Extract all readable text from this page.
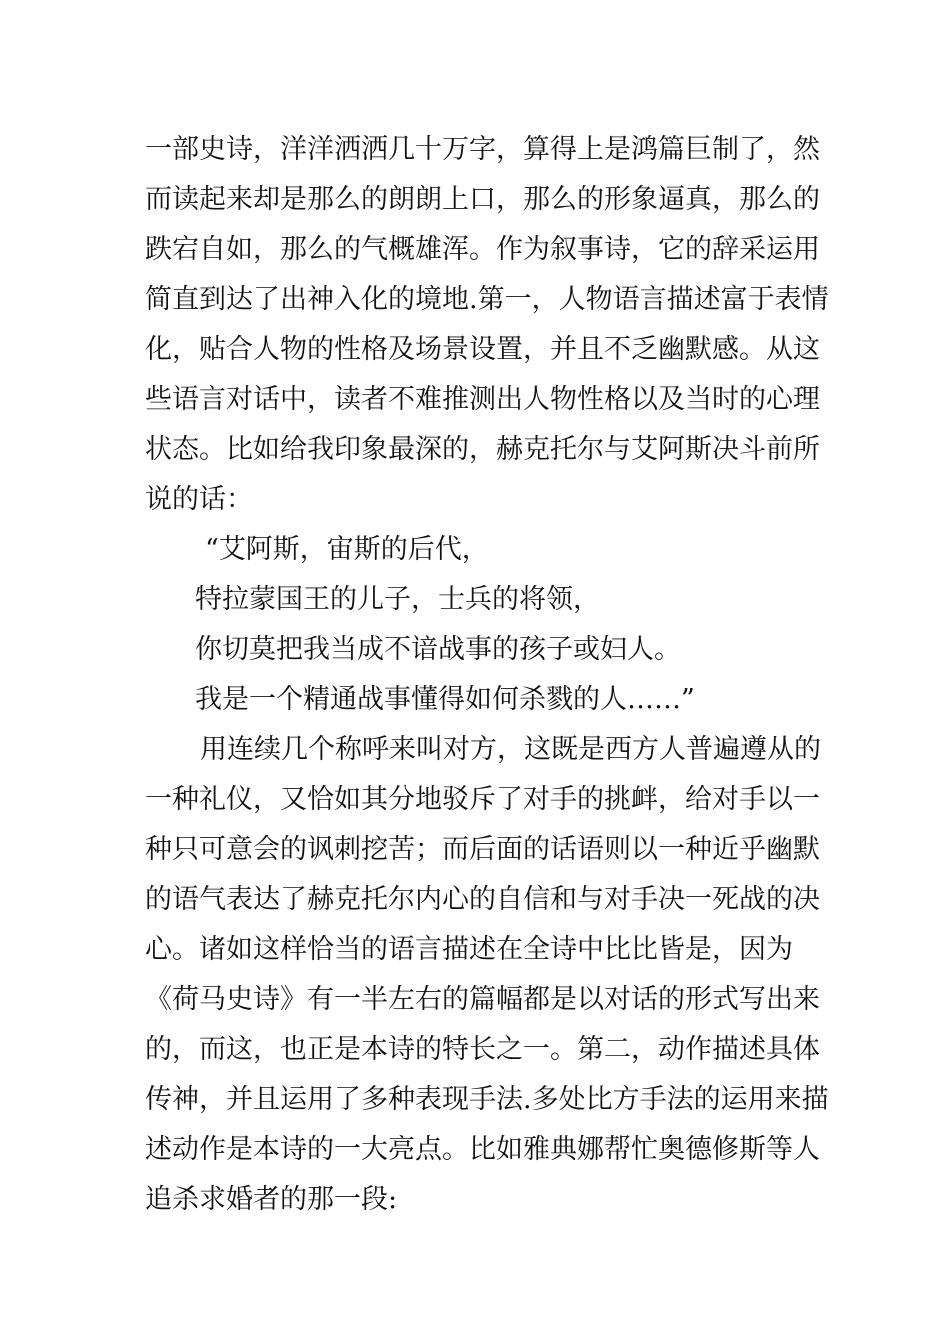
一部史诗，洋洋洒洒几十万字，算得上是鸿篇巨制了，然
而读起来却是那么的朗朗上口，那么的形象逼真，那么的
跌宕自如，那么的气概雄浑。作为叙事诗，它的辞采运用
简直到达了出神入化的境地.第一，人物语言描述富于表情
化，贴合人物的性格及场景设置，并且不乏幽默感。从这
些语言对话中，读者不难推测出人物性格以及当时的心理
状态。比如给我印象最深的，赫克托尔与艾阿斯决斗前所
说的话：
“艾阿斯，宙斯的后代，
特拉蒙国王的儿子，士兵的将领，
你切莫把我当成不谙战事的孩子或妇人。
我是一个精通战事懂得如何杀戮的人……”
用连续几个称呼来叫对方，这既是西方人普遍遵从的
一种礼仪，又恰如其分地驳斥了对手的挑衅，给对手以一
种只可意会的讽刺挖苦；而后面的话语则以一种近乎幽默
的语气表达了赫克托尔内心的自信和与对手决一死战的决
心。诸如这样恰当的语言描述在全诗中比比皆是，因为
《荷马史诗》有一半左右的篇幅都是以对话的形式写出来
的，而这，也正是本诗的特长之一。第二，动作描述具体
传神，并且运用了多种表现手法.多处比方手法的运用来描
述动作是本诗的一大亮点。比如雅典娜帮忙奥德修斯等人
追杀求婚者的那一段:
